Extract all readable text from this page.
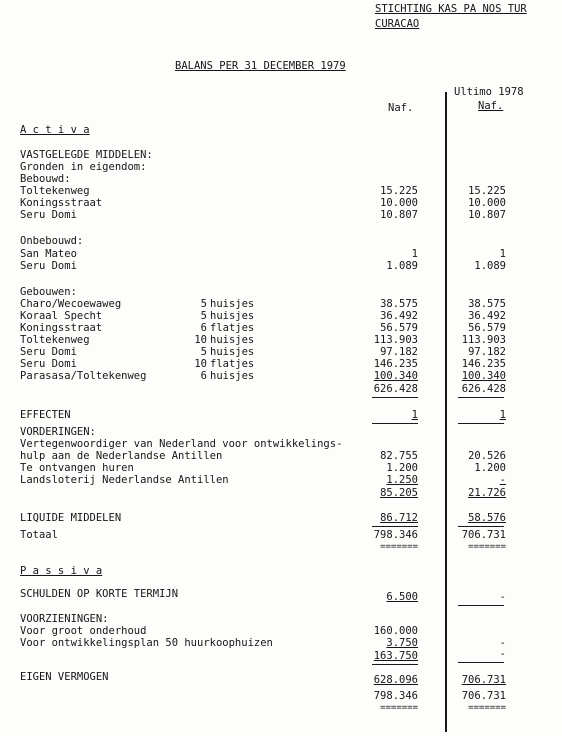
STICHTING KAS PA NOS TUR
CURACAO
BALANS PER 31 DECEMBER 1979
Ultimo 1978
Naf.
Naf.
A c t i v a
VASTGELEGDE MIDDELEN:
Gronden in eigendom:
Bebouwd:
Toltekenweg	15.225	15.225
Koningsstraat	10.000	10.000
Seru Domi	10.807	10.807
Onbebouwd:
San Mateo	1	1
Seru Domi	1.089	1.089
Gebouwen:
Charo/Wecoewaweg	5 huisjes	38.575	38.575
Koraal Specht	5 huisjes	36.492	36.492
Koningsstraat	6 flatjes	56.579	56.579
Toltekenweg	10 huisjes	113.903	113.903
Seru Domi	5 huisjes	97.182	97.182
Seru Domi	10 flatjes	146.235	146.235
Parasasa/Toltekenweg	6 huisjes	100.340	100.340
626.428	626.428
EFFECTEN	1	1
VORDERINGEN:
Vertegenwoordiger van Nederland voor ontwikkelings-
hulp aan de Nederlandse Antillen	82.755	20.526
Te ontvangen huren	1.200	1.200
Landsloterij Nederlandse Antillen	1.250	-
85.205	21.726
LIQUIDE MIDDELEN	86.712	58.576
Totaal	798.346	706.731
=======	=======
P a s s i v a
SCHULDEN OP KORTE TERMIJN	6.500	-
VOORZIENINGEN:
Voor groot onderhoud	160.000
Voor ontwikkelingsplan 50 huurkoophuizen	3.750	-
163.750	-
EIGEN VERMOGEN	628.096	706.731
798.346	706.731
=======	=======
